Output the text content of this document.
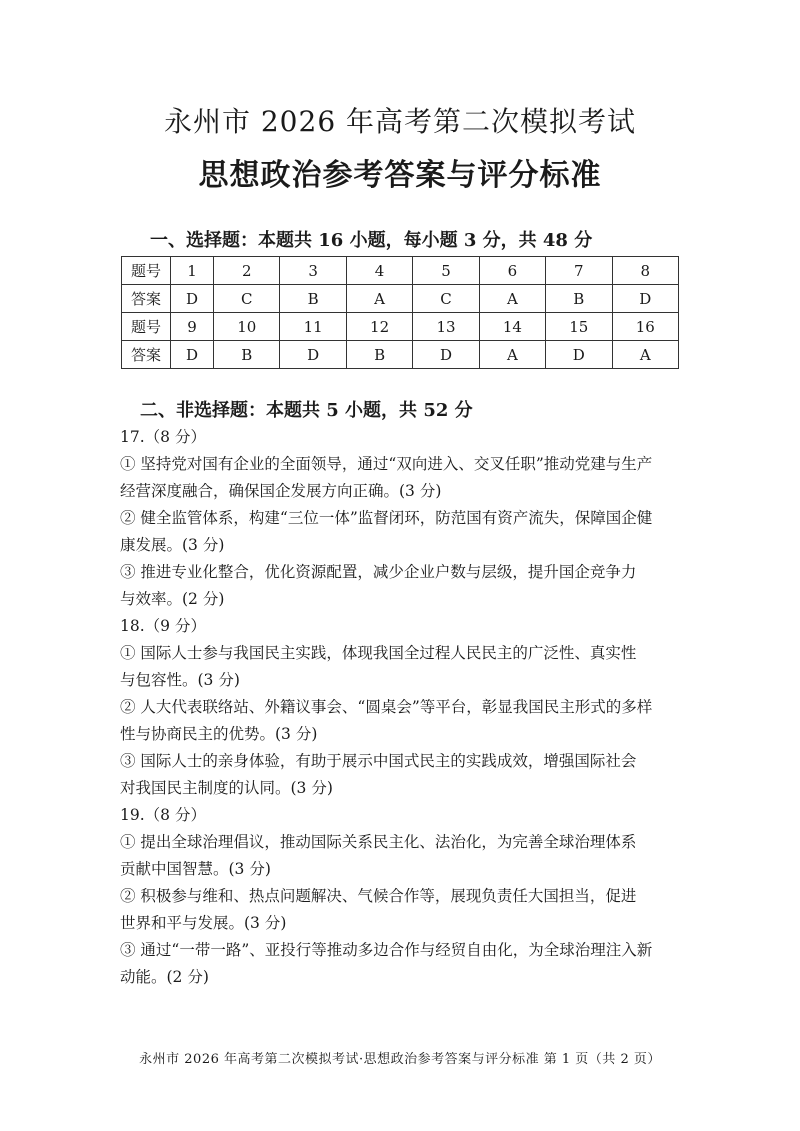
永州市 2026 年高考第二次模拟考试
思想政治参考答案与评分标准
一、选择题：本题共 16 小题，每小题 3 分，共 48 分
题号	1	2	3	4	5	6	7	8
答案	D	C	B	A	C	A	B	D
题号	9	10	11	12	13	14	15	16
答案	D	B	D	B	D	A	D	A
二、非选择题：本题共 5 小题，共 52 分
17.（8 分）
① 坚持党对国有企业的全面领导，通过“双向进入、交叉任职”推动党建与生产
经营深度融合，确保国企发展方向正确。(3 分)
② 健全监管体系，构建“三位一体”监督闭环，防范国有资产流失，保障国企健
康发展。(3 分)
③ 推进专业化整合，优化资源配置，减少企业户数与层级，提升国企竞争力
与效率。(2 分)
18.（9 分）
① 国际人士参与我国民主实践，体现我国全过程人民民主的广泛性、真实性
与包容性。(3 分)
② 人大代表联络站、外籍议事会、“圆桌会”等平台，彰显我国民主形式的多样
性与协商民主的优势。(3 分)
③ 国际人士的亲身体验，有助于展示中国式民主的实践成效，增强国际社会
对我国民主制度的认同。(3 分)
19.（8 分）
① 提出全球治理倡议，推动国际关系民主化、法治化，为完善全球治理体系
贡献中国智慧。(3 分)
② 积极参与维和、热点问题解决、气候合作等，展现负责任大国担当，促进
世界和平与发展。(3 分)
③ 通过“一带一路”、亚投行等推动多边合作与经贸自由化，为全球治理注入新
动能。(2 分)
永州市 2026 年高考第二次模拟考试·思想政治参考答案与评分标准 第 1 页（共 2 页）
